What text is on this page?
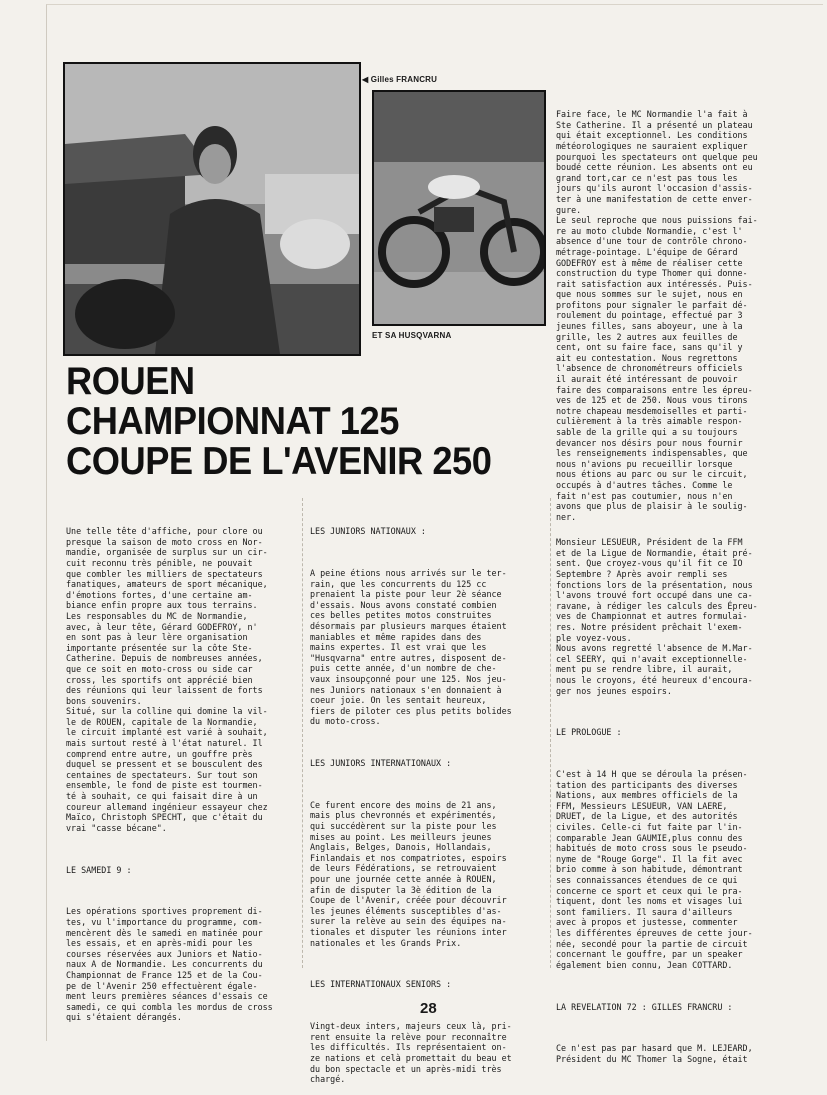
◀ Gilles FRANCRU
ET SA HUSQVARNA
ROUEN
CHAMPIONNAT 125
COUPE DE L'AVENIR 250

Faire face, le MC Normandie l'a fait à
Ste Catherine. Il a présenté un plateau
qui était exceptionnel. Les conditions
météorologiques ne sauraient expliquer
pourquoi les spectateurs ont quelque peu
boudé cette réunion. Les absents ont eu
grand tort,car ce n'est pas tous les
jours qu'ils auront l'occasion d'assis-
ter à une manifestation de cette enver-
gure.
Le seul reproche que nous puissions fai-
re au moto clubde Normandie, c'est l'
absence d'une tour de contrôle chrono-
métrage-pointage. L'équipe de Gérard
GODEFROY est à même de réaliser cette
construction du type Thomer qui donne-
rait satisfaction aux intéressés. Puis-
que nous sommes sur le sujet, nous en
profitons pour signaler le parfait dé-
roulement du pointage, effectué par 3
jeunes filles, sans aboyeur, une à la
grille, les 2 autres aux feuilles de
cent, ont su faire face, sans qu'il y
ait eu contestation. Nous regrettons
l'absence de chronométreurs officiels
il aurait été intéressant de pouvoir
faire des comparaisons entre les épreu-
ves de 125 et de 250. Nous vous tirons
notre chapeau mesdemoiselles et parti-
culièrement à la très aimable respon-
sable de la grille qui a su toujours
devancer nos désirs pour nous fournir
les renseignements indispensables, que
nous n'avions pu recueillir lorsque
nous étions au parc ou sur le circuit,
occupés à d'autres tâches. Comme le
fait n'est pas coutumier, nous n'en
avons que plus de plaisir à le soulig-
ner.

Une telle tête d'affiche, pour clore ou
presque la saison de moto cross en Nor-
mandie, organisée de surplus sur un cir-
cuit reconnu très pénible, ne pouvait
que combler les milliers de spectateurs
fanatiques, amateurs de sport mécanique,
d'émotions fortes, d'une certaine am-
biance enfin propre aux tous terrains.
Les responsables du MC de Normandie,
avec, à leur tête, Gérard GODEFROY, n'
en sont pas à leur lère organisation
importante présentée sur la côte Ste-
Catherine. Depuis de nombreuses années,
que ce soit en moto-cross ou side car
cross, les sportifs ont apprécié bien
des réunions qui leur laissent de forts
bons souvenirs.
Situé, sur la colline qui domine la vil-
le de ROUEN, capitale de la Normandie,
le circuit implanté est varié à souhait,
mais surtout resté à l'état naturel. Il
comprend entre autre, un gouffre près
duquel se pressent et se bousculent des
centaines de spectateurs. Sur tout son
ensemble, le fond de piste est tourmen-
té à souhait, ce qui faisait dire à un
coureur allemand ingénieur essayeur chez
Maïco, Christoph SPECHT, que c'était du
vrai "casse bécane".

LE SAMEDI 9 :

Les opérations sportives proprement di-
tes, vu l'importance du programme, com-
mencèrent dès le samedi en matinée pour
les essais, et en après-midi pour les
courses réservées aux Juniors et Natio-
naux A de Normandie. Les concurrents du
Championnat de France 125 et de la Cou-
pe de l'Avenir 250 effectuèrent égale-
ment leurs premières séances d'essais ce
samedi, ce qui combla les mordus de cross
qui s'étaient dérangés.

LES JUNIORS NATIONAUX :

A peine étions nous arrivés sur le ter-
rain, que les concurrents du 125 cc
prenaient la piste pour leur 2è séance
d'essais. Nous avons constaté combien
ces belles petites motos construites
désormais par plusieurs marques étaient
maniables et même rapides dans des
mains expertes. Il est vrai que les
"Husqvarna" entre autres, disposent de-
puis cette année, d'un nombre de che-
vaux insoupçonné pour une 125. Nos jeu-
nes Juniors nationaux s'en donnaient à
coeur joie. On les sentait heureux,
fiers de piloter ces plus petits bolides
du moto-cross.

LES JUNIORS INTERNATIONAUX :

Ce furent encore des moins de 21 ans,
mais plus chevronnés et expérimentés,
qui succédèrent sur la piste pour les
mises au point. Les meilleurs jeunes
Anglais, Belges, Danois, Hollandais,
Finlandais et nos compatriotes, espoirs
de leurs Fédérations, se retrouvaient
pour une journée cette année à ROUEN,
afin de disputer la 3è édition de la
Coupe de l'Avenir, créée pour découvrir
les jeunes éléments susceptibles d'as-
surer la relève au sein des équipes na-
tionales et disputer les réunions inter
nationales et les Grands Prix.

LES INTERNATIONAUX SENIORS :

Vingt-deux inters, majeurs ceux là, pri-
rent ensuite la relève pour reconnaître
les difficultés. Ils représentaient on-
ze nations et celà promettait du beau et
du bon spectacle et un après-midi très
chargé.

Monsieur LESUEUR, Président de la FFM
et de la Ligue de Normandie, était pré-
sent. Que croyez-vous qu'il fit ce IO
Septembre ? Après avoir rempli ses
fonctions lors de la présentation, nous
l'avons trouvé fort occupé dans une ca-
ravane, à rédiger les calculs des Épreu-
ves de Championnat et autres formulai-
res. Notre président prêchait l'exem-
ple voyez-vous.
Nous avons regretté l'absence de M.Mar-
cel SEERY, qui n'avait exceptionnelle-
ment pu se rendre libre, il aurait,
nous le croyons, été heureux d'encoura-
ger nos jeunes espoirs.

LE PROLOGUE :

C'est à 14 H que se déroula la présen-
tation des participants des diverses
Nations, aux membres officiels de la
FFM, Messieurs LESUEUR, VAN LAERE,
DRUET, de la Ligue, et des autorités
civiles. Celle-ci fut faite par l'in-
comparable Jean GAUMIE,plus connu des
habitués de moto cross sous le pseudo-
nyme de "Rouge Gorge". Il la fit avec
brio comme à son habitude, démontrant
ses connaissances étendues de ce qui
concerne ce sport et ceux qui le pra-
tiquent, dont les noms et visages lui
sont familiers. Il saura d'ailleurs
avec à propos et justesse, commenter
les différentes épreuves de cette jour-
née, secondé pour la partie de circuit
concernant le gouffre, par un speaker
également bien connu, Jean COTTARD.

LA REVELATION 72 : GILLES FRANCRU :

Ce n'est pas par hasard que M. LEJEARD,
Président du MC Thomer la Sogne, était

28
